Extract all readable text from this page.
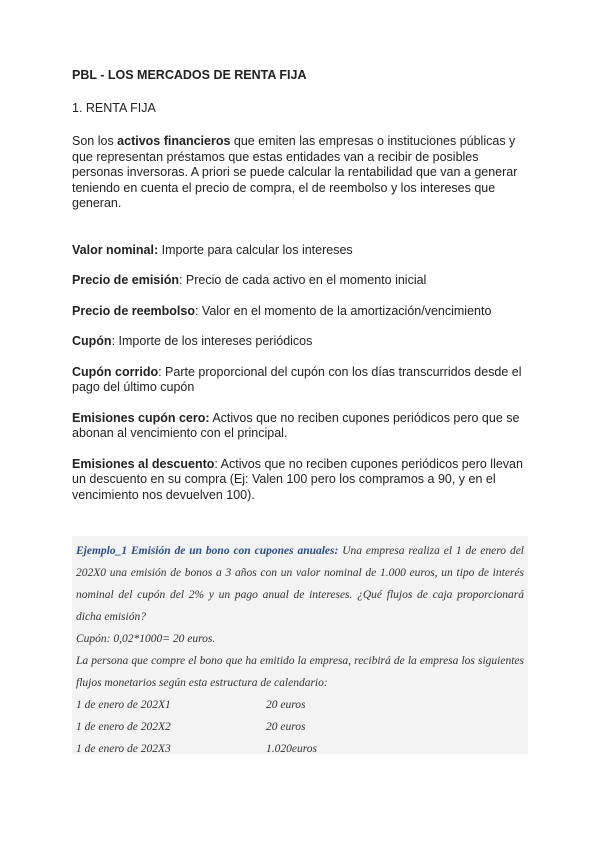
PBL - LOS MERCADOS DE RENTA FIJA
1. RENTA FIJA

Son los activos financieros que emiten las empresas o instituciones públicas y que representan préstamos que estas entidades van a recibir de posibles personas inversoras. A priori se puede calcular la rentabilidad que van a generar teniendo en cuenta el precio de compra, el de reembolso y los intereses que generan.

Valor nominal: Importe para calcular los intereses

Precio de emisión: Precio de cada activo en el momento inicial

Precio de reembolso: Valor en el momento de la amortización/vencimiento

Cupón: Importe de los intereses periódicos

Cupón corrido: Parte proporcional del cupón con los días transcurridos desde el pago del último cupón

Emisiones cupón cero: Activos que no reciben cupones periódicos pero que se abonan al vencimiento con el principal.

Emisiones al descuento: Activos que no reciben cupones periódicos pero llevan un descuento en su compra (Ej: Valen 100 pero los compramos a 90, y en el vencimiento nos devuelven 100).

Ejemplo_1 Emisión de un bono con cupones anuales: Una empresa realiza el 1 de enero del 202X0 una emisión de bonos a 3 años con un valor nominal de 1.000 euros, un tipo de interés nominal del cupón del 2% y un pago anual de intereses. ¿Qué flujos de caja proporcionará dicha emisión?
Cupón: 0,02*1000= 20 euros.
La persona que compre el bono que ha emitido la empresa, recibirá de la empresa los siguientes flujos monetarios según esta estructura de calendario:
1 de enero de 202X1	20 euros
1 de enero de 202X2	20 euros
1 de enero de 202X3	1.020euros
